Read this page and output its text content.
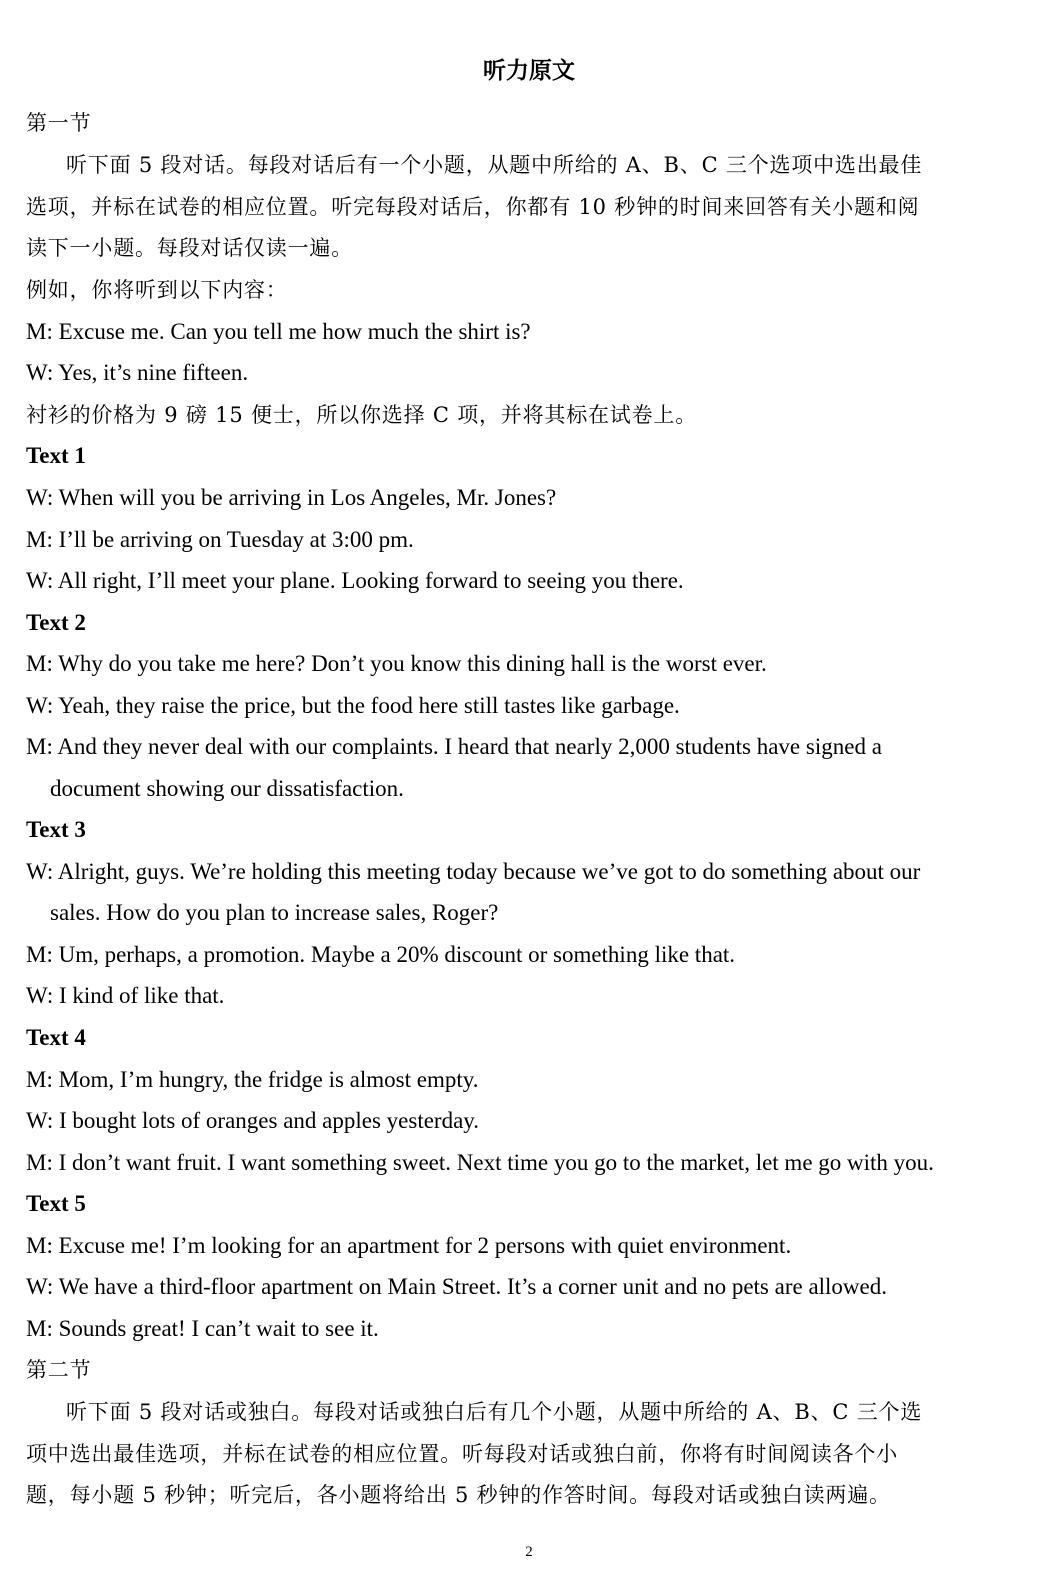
听力原文
第一节
听下面 5 段对话。每段对话后有一个小题，从题中所给的 A、B、C 三个选项中选出最佳
选项，并标在试卷的相应位置。听完每段对话后，你都有 10 秒钟的时间来回答有关小题和阅
读下一小题。每段对话仅读一遍。
例如，你将听到以下内容：
M: Excuse me. Can you tell me how much the shirt is?
W: Yes, it’s nine fifteen.
衬衫的价格为 9 磅 15 便士，所以你选择 C 项，并将其标在试卷上。
Text 1
W: When will you be arriving in Los Angeles, Mr. Jones?
M: I’ll be arriving on Tuesday at 3:00 pm.
W: All right, I’ll meet your plane. Looking forward to seeing you there.
Text 2
M: Why do you take me here? Don’t you know this dining hall is the worst ever.
W: Yeah, they raise the price, but the food here still tastes like garbage.
M: And they never deal with our complaints. I heard that nearly 2,000 students have signed a
document showing our dissatisfaction.
Text 3
W: Alright, guys. We’re holding this meeting today because we’ve got to do something about our
sales. How do you plan to increase sales, Roger?
M: Um, perhaps, a promotion. Maybe a 20% discount or something like that.
W: I kind of like that.
Text 4
M: Mom, I’m hungry, the fridge is almost empty.
W: I bought lots of oranges and apples yesterday.
M: I don’t want fruit. I want something sweet. Next time you go to the market, let me go with you.
Text 5
M: Excuse me! I’m looking for an apartment for 2 persons with quiet environment.
W: We have a third-floor apartment on Main Street. It’s a corner unit and no pets are allowed.
M: Sounds great! I can’t wait to see it.
第二节
听下面 5 段对话或独白。每段对话或独白后有几个小题，从题中所给的 A、B、C 三个选
项中选出最佳选项，并标在试卷的相应位置。听每段对话或独白前，你将有时间阅读各个小
题，每小题 5 秒钟；听完后，各小题将给出 5 秒钟的作答时间。每段对话或独白读两遍。
2
